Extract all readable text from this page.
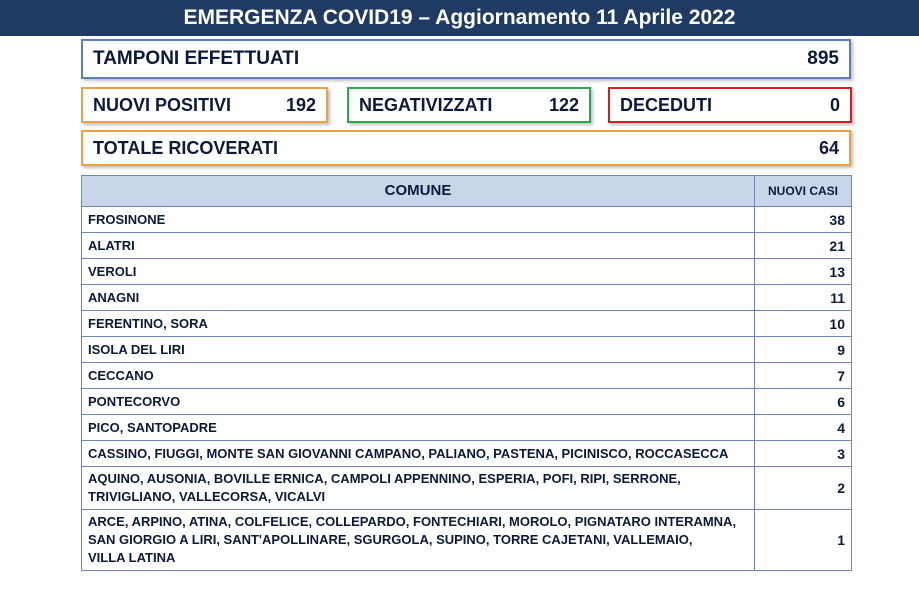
EMERGENZA COVID19 – Aggiornamento 11 Aprile 2022
TAMPONI EFFETTUATI	895
NUOVI POSITIVI	192 NEGATIVIZZATI	122 DECEDUTI	0
TOTALE RICOVERATI	64
COMUNE	NUOVI CASI
FROSINONE	38
ALATRI	21
VEROLI	13
ANAGNI	11
FERENTINO, SORA	10
ISOLA DEL LIRI	9
CECCANO	7
PONTECORVO	6
PICO, SANTOPADRE	4
CASSINO, FIUGGI, MONTE SAN GIOVANNI CAMPANO, PALIANO, PASTENA, PICINISCO, ROCCASECCA	3
AQUINO, AUSONIA, BOVILLE ERNICA, CAMPOLI APPENNINO, ESPERIA, POFI, RIPI, SERRONE,
TRIVIGLIANO, VALLECORSA, VICALVI	2
ARCE, ARPINO, ATINA, COLFELICE, COLLEPARDO, FONTECHIARI, MOROLO, PIGNATARO INTERAMNA,
SAN GIORGIO A LIRI, SANT'APOLLINARE, SGURGOLA, SUPINO, TORRE CAJETANI, VALLEMAIO,
VILLA LATINA	1
